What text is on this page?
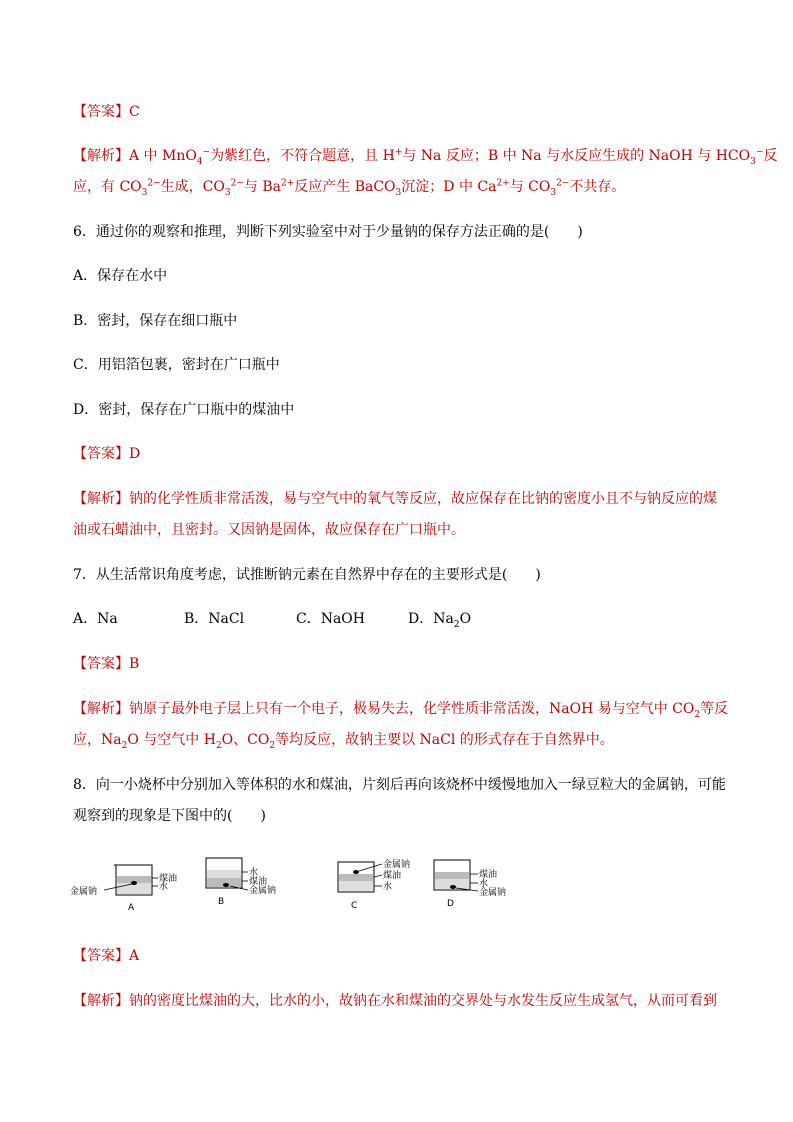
【答案】C
【解析】A 中 MnO$_4$−为紫红色，不符合题意，且 H+与 Na 反应；B 中 Na 与水反应生成的 NaOH 与 $HCO_3^-$反
应，有 $CO_3^{2-}$生成，$CO_3^{2-}$与 $Ba^{2+}$反应产生 BaCO$_3$沉淀；D 中 $Ca^{2+}$与 $CO_3^{2-}$不共存。
6．通过你的观察和推理，判断下列实验室中对于少量钠的保存方法正确的是(　　)
A．保存在水中
B．密封，保存在细口瓶中
C．用铝箔包裹，密封在广口瓶中
D．密封，保存在广口瓶中的煤油中
【答案】D
【解析】钠的化学性质非常活泼，易与空气中的氧气等反应，故应保存在比钠的密度小且不与钠反应的煤
油或石蜡油中，且密封。又因钠是固体，故应保存在广口瓶中。
7．从生活常识角度考虑，试推断钠元素在自然界中存在的主要形式是(　　)
A．Na	B．NaCl	C．NaOH	D．$Na_2O$
【答案】B
【解析】钠原子最外电子层上只有一个电子，极易失去，化学性质非常活泼，NaOH 易与空气中 $CO_2$等反
应，$Na_2O$ 与空气中 $H_2O$、$CO_2$等均反应，故钠主要以 NaCl 的形式存在于自然界中。
8．向一小烧杯中分别加入等体积的水和煤油，片刻后再向该烧杯中缓慢地加入一绿豆粒大的金属钠，可能
观察到的现象是下图中的(　　)
煤油
水
金属钠
A
水
煤油
金属钠
B
金属钠
煤油
水
C
煤油
水
金属钠
D
【答案】A
【解析】钠的密度比煤油的大，比水的小，故钠在水和煤油的交界处与水发生反应生成氢气，从而可看到
